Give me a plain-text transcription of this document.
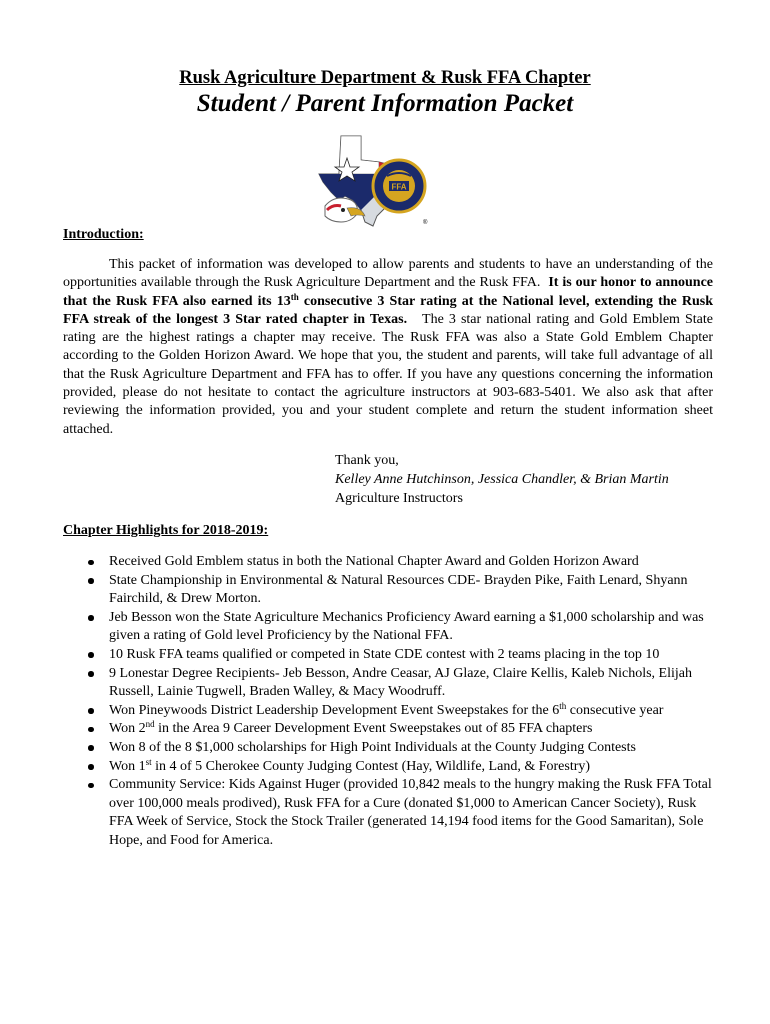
Rusk Agriculture Department & Rusk FFA Chapter
Student / Parent Information Packet
FFA
®
Introduction:
This packet of information was developed to allow parents and students to have an understanding of the opportunities available through the Rusk Agriculture Department and the Rusk FFA. It is our honor to announce that the Rusk FFA also earned its 13th consecutive 3 Star rating at the National level, extending the Rusk FFA streak of the longest 3 Star rated chapter in Texas. The 3 star national rating and Gold Emblem State rating are the highest ratings a chapter may receive. The Rusk FFA was also a State Gold Emblem Chapter according to the Golden Horizon Award. We hope that you, the student and parents, will take full advantage of all that the Rusk Agriculture Department and FFA has to offer. If you have any questions concerning the information provided, please do not hesitate to contact the agriculture instructors at 903-683-5401. We also ask that after reviewing the information provided, you and your student complete and return the student information sheet attached.
Thank you,
Kelley Anne Hutchinson, Jessica Chandler, & Brian Martin
Agriculture Instructors
Chapter Highlights for 2018-2019:
Received Gold Emblem status in both the National Chapter Award and Golden Horizon Award
State Championship in Environmental & Natural Resources CDE- Brayden Pike, Faith Lenard, Shyann Fairchild, & Drew Morton.
Jeb Besson won the State Agriculture Mechanics Proficiency Award earning a $1,000 scholarship and was given a rating of Gold level Proficiency by the National FFA.
10 Rusk FFA teams qualified or competed in State CDE contest with 2 teams placing in the top 10
9 Lonestar Degree Recipients- Jeb Besson, Andre Ceasar, AJ Glaze, Claire Kellis, Kaleb Nichols, Elijah Russell, Lainie Tugwell, Braden Walley, & Macy Woodruff.
Won Pineywoods District Leadership Development Event Sweepstakes for the 6th consecutive year
Won 2nd in the Area 9 Career Development Event Sweepstakes out of 85 FFA chapters
Won 8 of the 8 $1,000 scholarships for High Point Individuals at the County Judging Contests
Won 1st in 4 of 5 Cherokee County Judging Contest (Hay, Wildlife, Land, & Forestry)
Community Service: Kids Against Huger (provided 10,842 meals to the hungry making the Rusk FFA Total over 100,000 meals prodived), Rusk FFA for a Cure (donated $1,000 to American Cancer Society), Rusk FFA Week of Service, Stock the Stock Trailer (generated 14,194 food items for the Good Samaritan), Sole Hope, and Food for America.
